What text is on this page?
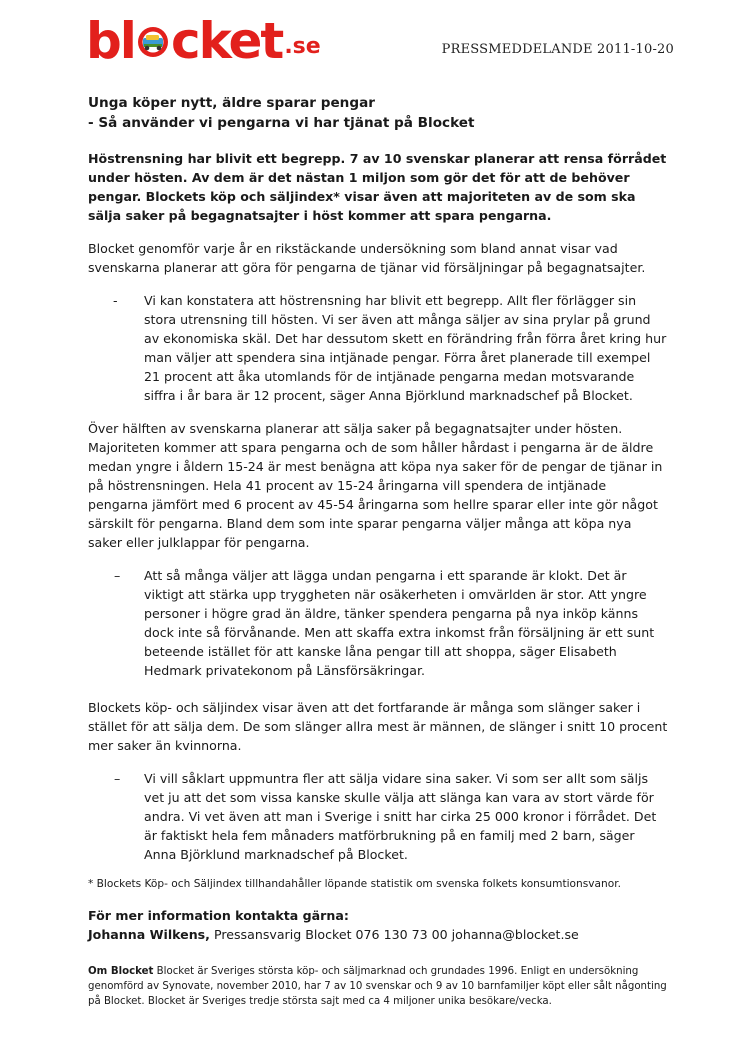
bl cket .se	PRESSMEDDELANDE 2011-10-20

Unga köper nytt, äldre sparar pengar

- Så använder vi pengarna vi har tjänat på Blocket

Höstrensning har blivit ett begrepp. 7 av 10 svenskar planerar att rensa förrådet under hösten. Av dem är det nästan 1 miljon som gör det för att de behöver pengar. Blockets köp och säljindex* visar även att majoriteten av de som ska sälja saker på begagnatsajter i höst kommer att spara pengarna.

Blocket genomför varje år en rikstäckande undersökning som bland annat visar vad svenskarna planerar att göra för pengarna de tjänar vid försäljningar på begagnatsajter.

- Vi kan konstatera att höstrensning har blivit ett begrepp. Allt fler förlägger sin stora utrensning till hösten. Vi ser även att många säljer av sina prylar på grund av ekonomiska skäl. Det har dessutom skett en förändring från förra året kring hur man väljer att spendera sina intjänade pengar. Förra året planerade till exempel 21 procent att åka utomlands för de intjänade pengarna medan motsvarande siffra i år bara är 12 procent, säger Anna Björklund marknadschef på Blocket.

Över hälften av svenskarna planerar att sälja saker på begagnatsajter under hösten. Majoriteten kommer att spara pengarna och de som håller hårdast i pengarna är de äldre medan yngre i åldern 15-24 är mest benägna att köpa nya saker för de pengar de tjänar in på höstrensningen. Hela 41 procent av 15-24 åringarna vill spendera de intjänade pengarna jämfört med 6 procent av 45-54 åringarna som hellre sparar eller inte gör något särskilt för pengarna. Bland dem som inte sparar pengarna väljer många att köpa nya saker eller julklappar för pengarna.

– Att så många väljer att lägga undan pengarna i ett sparande är klokt. Det är viktigt att stärka upp tryggheten när osäkerheten i omvärlden är stor. Att yngre personer i högre grad än äldre, tänker spendera pengarna på nya inköp känns dock inte så förvånande. Men att skaffa extra inkomst från försäljning är ett sunt beteende istället för att kanske låna pengar till att shoppa, säger Elisabeth Hedmark privatekonom på Länsförsäkringar.

Blockets köp- och säljindex visar även att det fortfarande är många som slänger saker i stället för att sälja dem. De som slänger allra mest är männen, de slänger i snitt 10 procent mer saker än kvinnorna.

– Vi vill såklart uppmuntra fler att sälja vidare sina saker. Vi som ser allt som säljs vet ju att det som vissa kanske skulle välja att slänga kan vara av stort värde för andra. Vi vet även att man i Sverige i snitt har cirka 25 000 kronor i förrådet. Det är faktiskt hela fem månaders matförbrukning på en familj med 2 barn, säger Anna Björklund marknadschef på Blocket.

* Blockets Köp- och Säljindex tillhandahåller löpande statistik om svenska folkets konsumtionsvanor.

För mer information kontakta gärna:

Johanna Wilkens, Pressansvarig Blocket 076 130 73 00 johanna@blocket.se

Om Blocket Blocket är Sveriges största köp- och säljmarknad och grundades 1996. Enligt en undersökning genomförd av Synovate, november 2010, har 7 av 10 svenskar och 9 av 10 barnfamiljer köpt eller sålt någonting på Blocket. Blocket är Sveriges tredje största sajt med ca 4 miljoner unika besökare/vecka.
